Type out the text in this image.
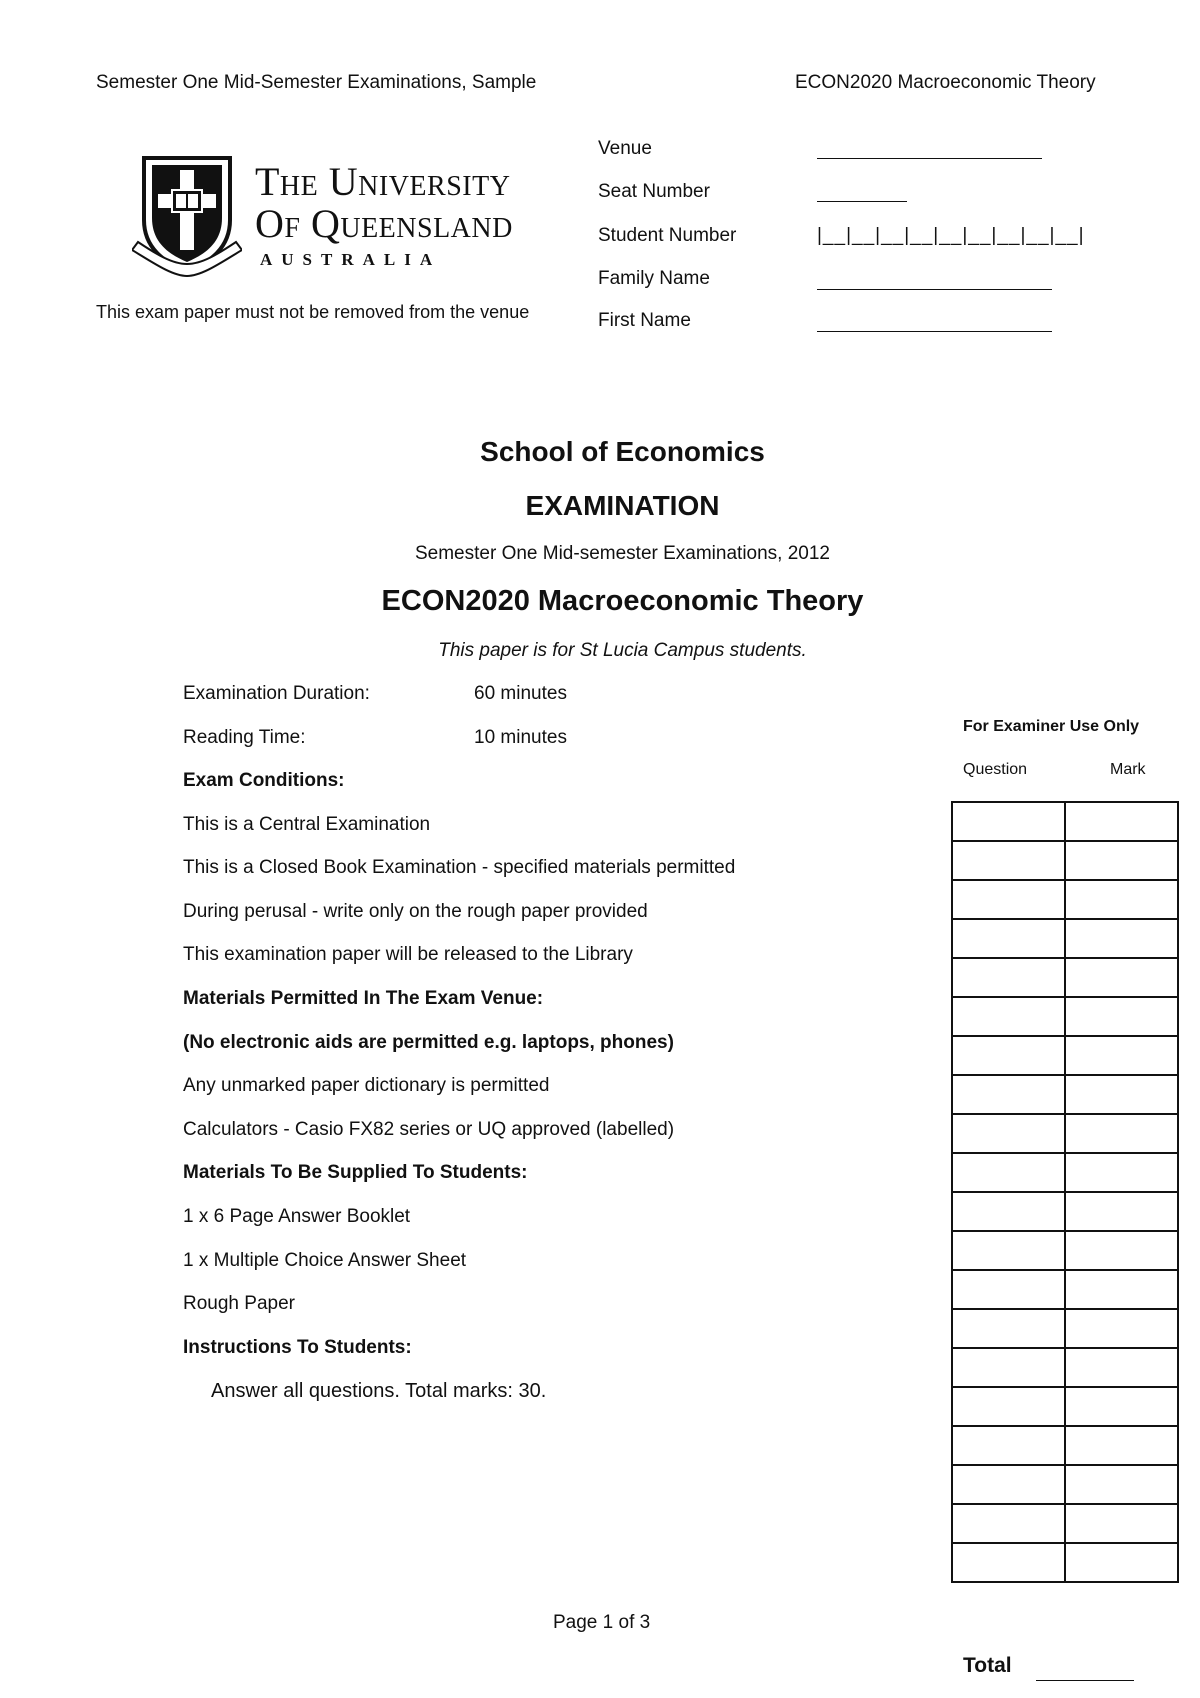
Semester One Mid-Semester Examinations, Sample	ECON2020 Macroeconomic Theory
The University
Of Queensland
AUSTRALIA
This exam paper must not be removed from the venue
Venue
Seat Number
Student Number	|__|__|__|__|__|__|__|__|__|
Family Name
First Name
School of Economics
EXAMINATION
Semester One Mid-semester Examinations, 2012
ECON2020 Macroeconomic Theory
This paper is for St Lucia Campus students.
Examination Duration:	60 minutes
Reading Time:	10 minutes
Exam Conditions:
This is a Central Examination
This is a Closed Book Examination - specified materials permitted
During perusal - write only on the rough paper provided
This examination paper will be released to the Library
Materials Permitted In The Exam Venue:
(No electronic aids are permitted e.g. laptops, phones)
Any unmarked paper dictionary is permitted
Calculators - Casio FX82 series or UQ approved (labelled)
Materials To Be Supplied To Students:
1 x 6 Page Answer Booklet
1 x Multiple Choice Answer Sheet
Rough Paper
Instructions To Students:
Answer all questions. Total marks: 30.
For Examiner Use Only
Question	Mark

Total
Page 1 of 3
